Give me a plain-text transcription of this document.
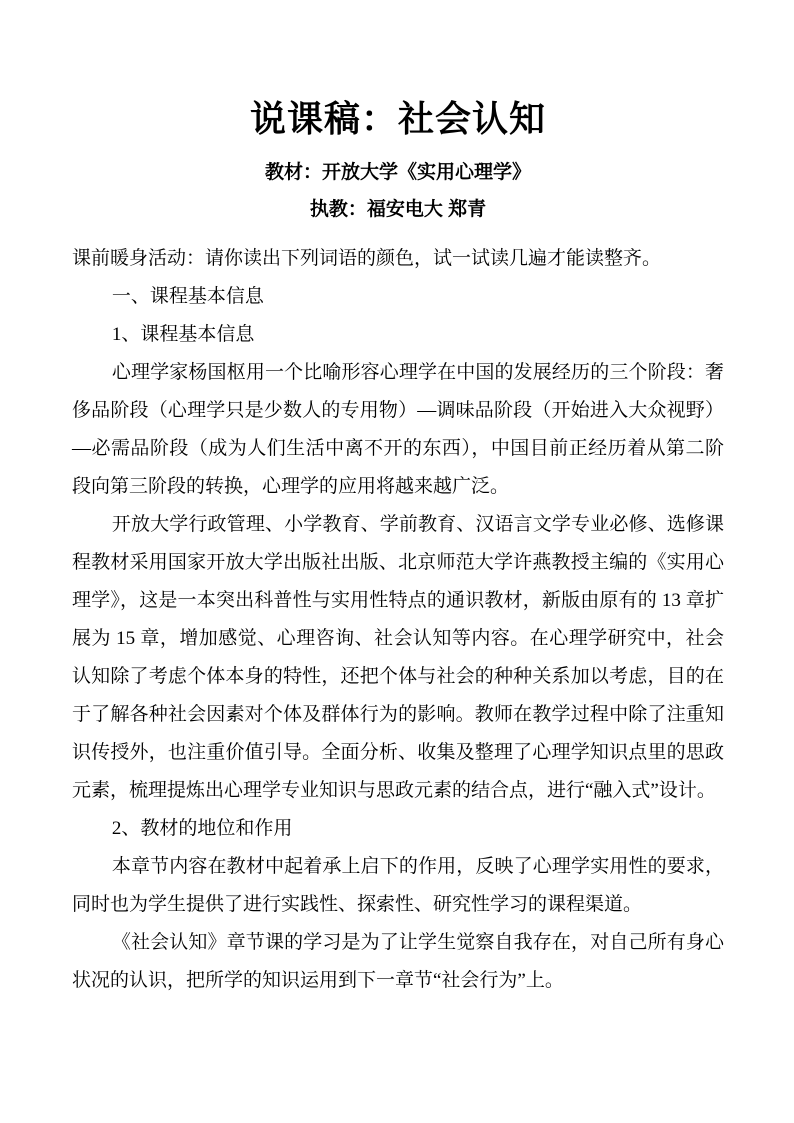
说课稿：社会认知
教材：开放大学《实用心理学》
执教：福安电大 郑青

课前暖身活动：请你读出下列词语的颜色，试一试读几遍才能读整齐。

一、课程基本信息

1、课程基本信息

心理学家杨国枢用一个比喻形容心理学在中国的发展经历的三个阶段：奢侈品阶段（心理学只是少数人的专用物）—调味品阶段（开始进入大众视野）—必需品阶段（成为人们生活中离不开的东西），中国目前正经历着从第二阶段向第三阶段的转换，心理学的应用将越来越广泛。

开放大学行政管理、小学教育、学前教育、汉语言文学专业必修、选修课程教材采用国家开放大学出版社出版、北京师范大学许燕教授主编的《实用心理学》，这是一本突出科普性与实用性特点的通识教材，新版由原有的 13 章扩展为 15 章，增加感觉、心理咨询、社会认知等内容。在心理学研究中，社会认知除了考虑个体本身的特性，还把个体与社会的种种关系加以考虑，目的在于了解各种社会因素对个体及群体行为的影响。教师在教学过程中除了注重知识传授外，也注重价值引导。全面分析、收集及整理了心理学知识点里的思政元素，梳理提炼出心理学专业知识与思政元素的结合点，进行“融入式”设计。

2、教材的地位和作用

本章节内容在教材中起着承上启下的作用，反映了心理学实用性的要求，同时也为学生提供了进行实践性、探索性、研究性学习的课程渠道。

《社会认知》章节课的学习是为了让学生觉察自我存在，对自己所有身心状况的认识，把所学的知识运用到下一章节“社会行为”上。
